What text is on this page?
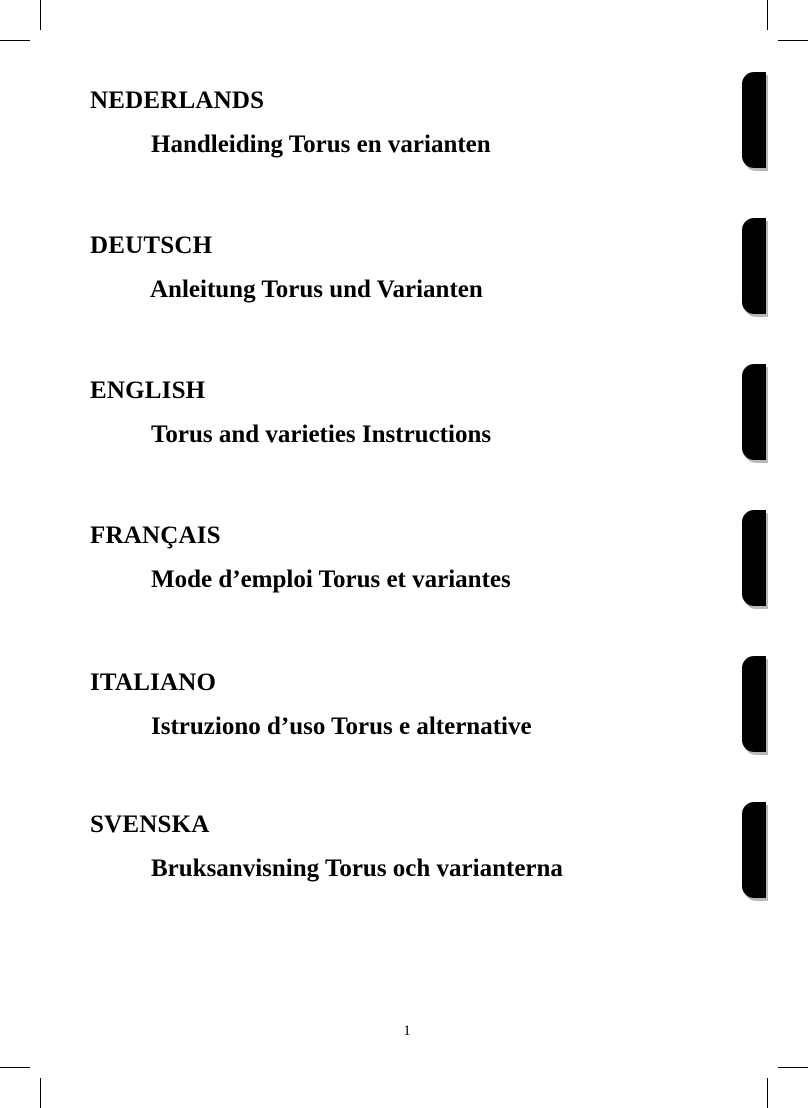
NEDERLANDS
Handleiding Torus en varianten
DEUTSCH
Anleitung Torus und Varianten
ENGLISH
Torus and varieties Instructions
FRANÇAIS
Mode d’emploi Torus et variantes
ITALIANO
Istruziono d’uso Torus e alternative
SVENSKA
Bruksanvisning Torus och varianterna
1
